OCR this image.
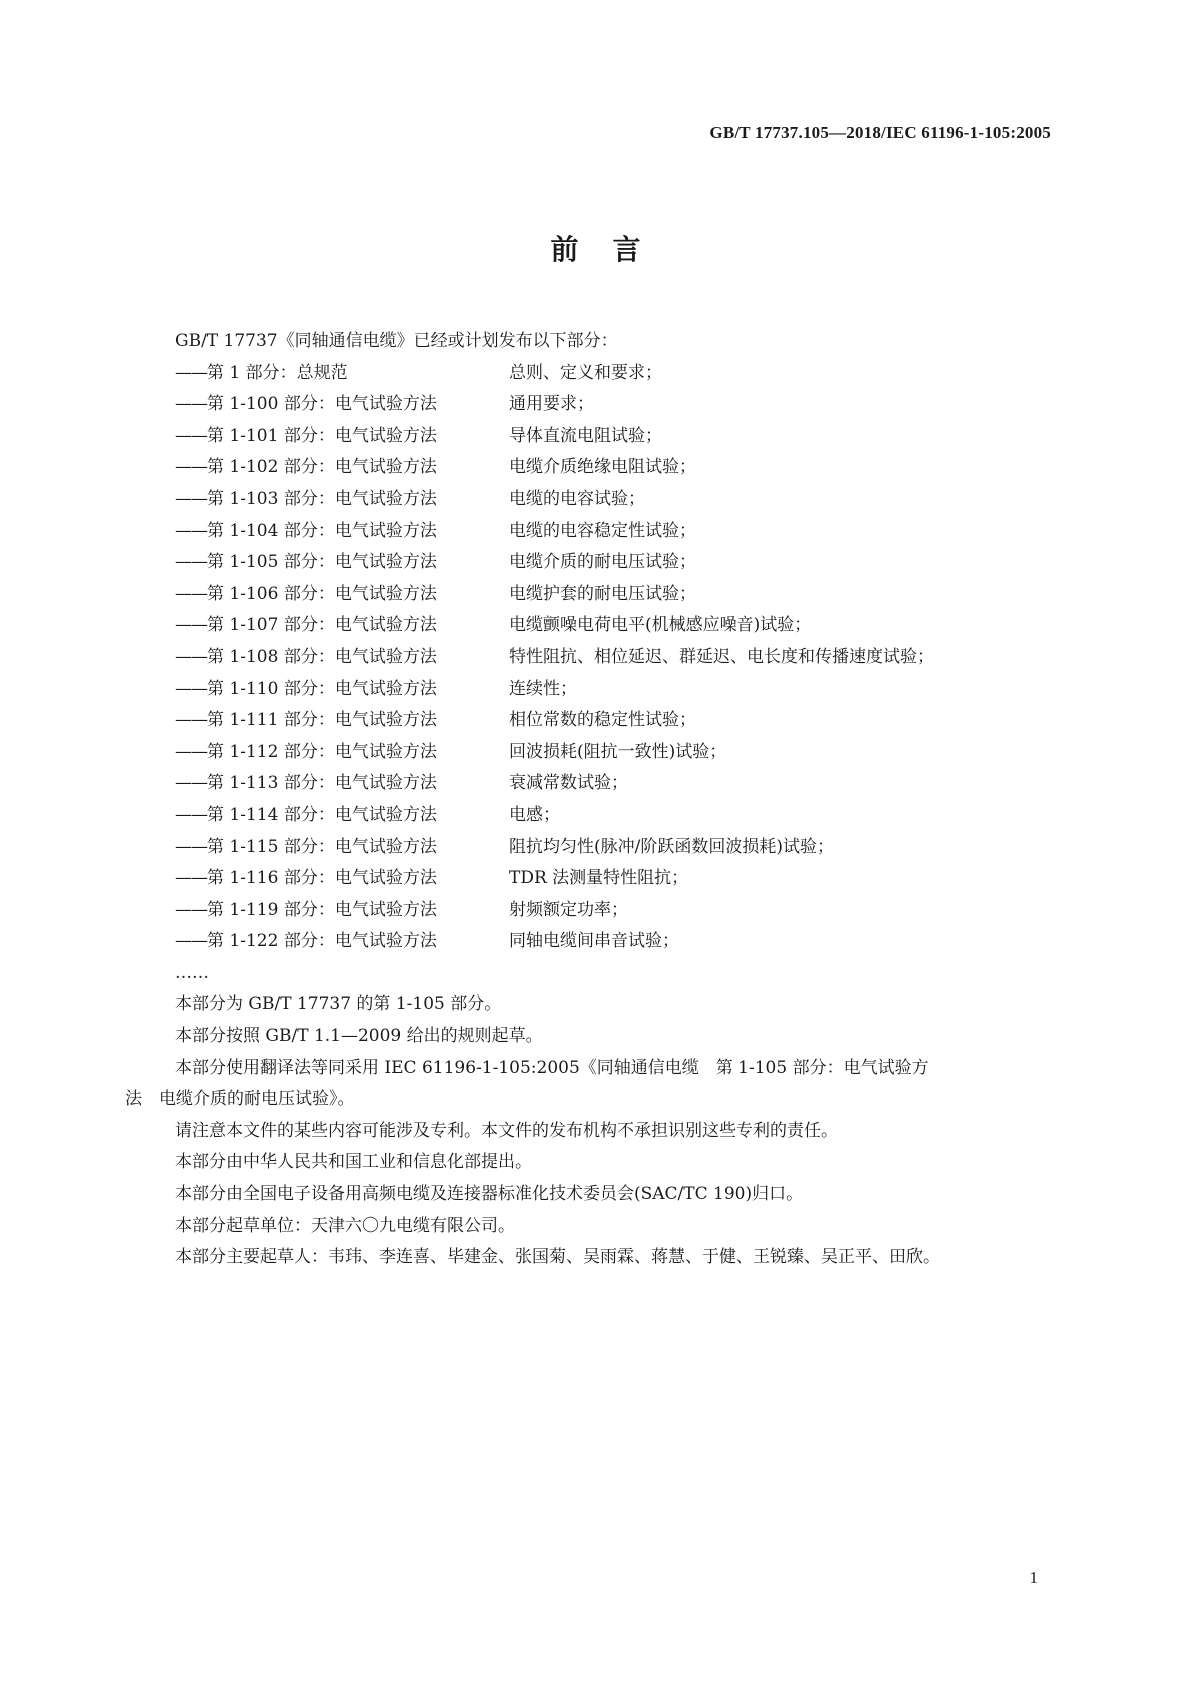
GB/T 17737.105—2018/IEC 61196-1-105:2005
前言
GB/T 17737《同轴通信电缆》已经或计划发布以下部分：
——第 1 部分：总规范	总则、定义和要求；
——第 1-100 部分：电气试验方法	通用要求；
——第 1-101 部分：电气试验方法	导体直流电阻试验；
——第 1-102 部分：电气试验方法	电缆介质绝缘电阻试验；
——第 1-103 部分：电气试验方法	电缆的电容试验；
——第 1-104 部分：电气试验方法	电缆的电容稳定性试验；
——第 1-105 部分：电气试验方法	电缆介质的耐电压试验；
——第 1-106 部分：电气试验方法	电缆护套的耐电压试验；
——第 1-107 部分：电气试验方法	电缆颤噪电荷电平(机械感应噪音)试验；
——第 1-108 部分：电气试验方法	特性阻抗、相位延迟、群延迟、电长度和传播速度试验；
——第 1-110 部分：电气试验方法	连续性；
——第 1-111 部分：电气试验方法	相位常数的稳定性试验；
——第 1-112 部分：电气试验方法	回波损耗(阻抗一致性)试验；
——第 1-113 部分：电气试验方法	衰减常数试验；
——第 1-114 部分：电气试验方法	电感；
——第 1-115 部分：电气试验方法	阻抗均匀性(脉冲/阶跃函数回波损耗)试验；
——第 1-116 部分：电气试验方法	TDR 法测量特性阻抗；
——第 1-119 部分：电气试验方法	射频额定功率；
——第 1-122 部分：电气试验方法	同轴电缆间串音试验；
……
本部分为 GB/T 17737 的第 1-105 部分。
本部分按照 GB/T 1.1—2009 给出的规则起草。
本部分使用翻译法等同采用 IEC 61196-1-105:2005《同轴通信电缆　第 1-105 部分：电气试验方
法　电缆介质的耐电压试验》。
请注意本文件的某些内容可能涉及专利。本文件的发布机构不承担识别这些专利的责任。
本部分由中华人民共和国工业和信息化部提出。
本部分由全国电子设备用高频电缆及连接器标准化技术委员会(SAC/TC 190)归口。
本部分起草单位：天津六〇九电缆有限公司。
本部分主要起草人：韦玮、李连喜、毕建金、张国菊、吴雨霖、蒋慧、于健、王锐臻、吴正平、田欣。
1
